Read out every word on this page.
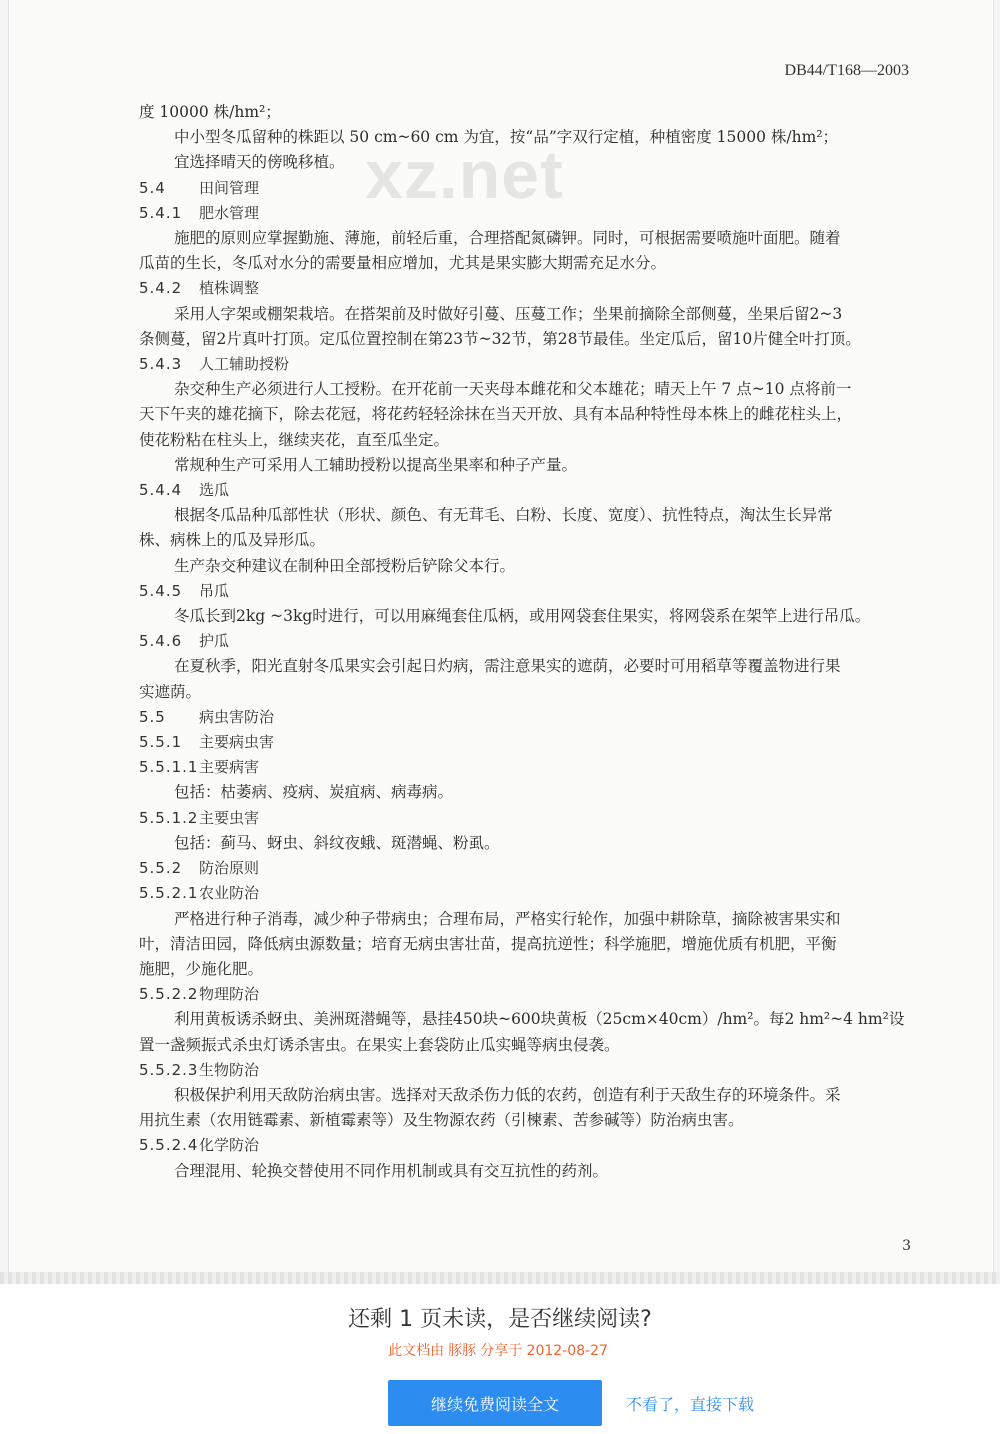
DB44/T168—2003
xz.net
度 10000 株/hm²；
中小型冬瓜留种的株距以 50 cm~60 cm 为宜，按“品”字双行定植，种植密度 15000 株/hm²；
宜选择晴天的傍晚移植。
5.4 田间管理
5.4.1 肥水管理
施肥的原则应掌握勤施、薄施，前轻后重，合理搭配氮磷钾。同时，可根据需要喷施叶面肥。随着
瓜苗的生长，冬瓜对水分的需要量相应增加，尤其是果实膨大期需充足水分。
5.4.2 植株调整
采用人字架或棚架栽培。在搭架前及时做好引蔓、压蔓工作；坐果前摘除全部侧蔓，坐果后留2~3
条侧蔓，留2片真叶打顶。定瓜位置控制在第23节~32节，第28节最佳。坐定瓜后，留10片健全叶打顶。
5.4.3 人工辅助授粉
杂交种生产必须进行人工授粉。在开花前一天夹母本雌花和父本雄花；晴天上午 7 点~10 点将前一
天下午夹的雄花摘下，除去花冠，将花药轻轻涂抹在当天开放、具有本品种特性母本株上的雌花柱头上，
使花粉粘在柱头上，继续夹花，直至瓜坐定。
常规种生产可采用人工辅助授粉以提高坐果率和种子产量。
5.4.4 选瓜
根据冬瓜品种瓜部性状（形状、颜色、有无茸毛、白粉、长度、宽度）、抗性特点，淘汰生长异常
株、病株上的瓜及异形瓜。
生产杂交种建议在制种田全部授粉后铲除父本行。
5.4.5 吊瓜
冬瓜长到2kg ~3kg时进行，可以用麻绳套住瓜柄，或用网袋套住果实，将网袋系在架竿上进行吊瓜。
5.4.6 护瓜
在夏秋季，阳光直射冬瓜果实会引起日灼病，需注意果实的遮荫，必要时可用稻草等覆盖物进行果
实遮荫。
5.5 病虫害防治
5.5.1 主要病虫害
5.5.1.1主要病害
包括：枯萎病、疫病、炭疽病、病毒病。
5.5.1.2主要虫害
包括：蓟马、蚜虫、斜纹夜蛾、斑潜蝇、粉虱。
5.5.2 防治原则
5.5.2.1农业防治
严格进行种子消毒，减少种子带病虫；合理布局，严格实行轮作，加强中耕除草，摘除被害果实和
叶，清洁田园，降低病虫源数量；培育无病虫害壮苗，提高抗逆性；科学施肥，增施优质有机肥，平衡
施肥，少施化肥。
5.5.2.2物理防治
利用黄板诱杀蚜虫、美洲斑潜蝇等，悬挂450块~600块黄板（25cm×40cm）/hm²。每2 hm²~4 hm²设
置一盏频振式杀虫灯诱杀害虫。在果实上套袋防止瓜实蝇等病虫侵袭。
5.5.2.3生物防治
积极保护利用天敌防治病虫害。选择对天敌杀伤力低的农药，创造有利于天敌生存的环境条件。采
用抗生素（农用链霉素、新植霉素等）及生物源农药（引楝素、苦参碱等）防治病虫害。
5.5.2.4化学防治
合理混用、轮换交替使用不同作用机制或具有交互抗性的药剂。
3
还剩 1 页未读，是否继续阅读?
此文档由 豚豚 分享于 2012-08-27
继续免费阅读全文	不看了，直接下载
